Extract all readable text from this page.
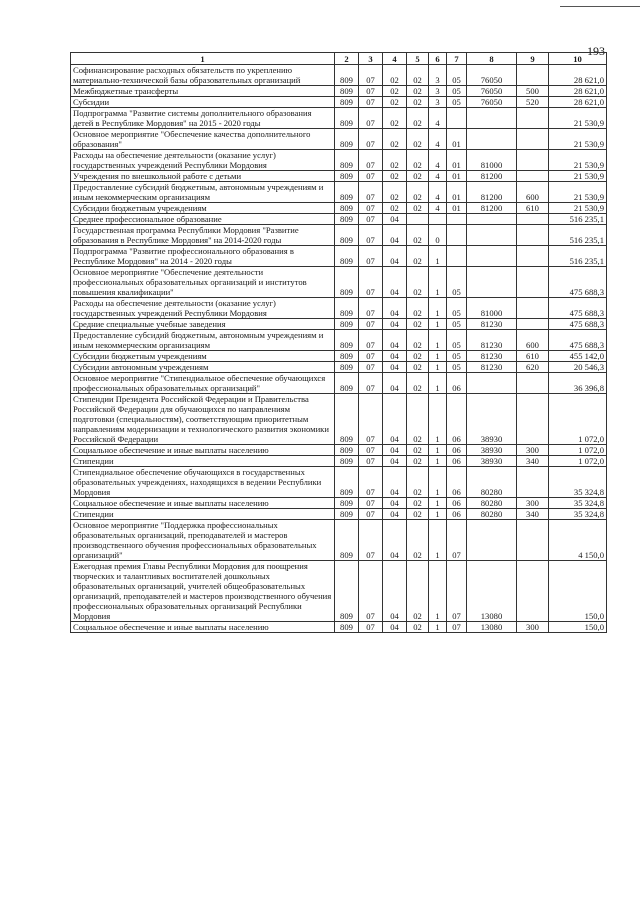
193
1	2	3	4	5	6	7	8	9	10
Софинансирование расходных обязательств по укреплению материально-технической базы образовательных организаций	809	07	02	02	3	05	76050		28 621,0
Межбюджетные трансферты	809	07	02	02	3	05	76050	500	28 621,0
Субсидии	809	07	02	02	3	05	76050	520	28 621,0
Подпрограмма "Развитие системы дополнительного образования детей в Республике Мордовия" на 2015 - 2020 годы	809	07	02	02	4				21 530,9
Основное мероприятие "Обеспечение качества дополнительного образования"	809	07	02	02	4	01			21 530,9
Расходы на обеспечение деятельности (оказание услуг) государственных учреждений Республики Мордовия	809	07	02	02	4	01	81000		21 530,9
Учреждения по внешкольной работе с детьми	809	07	02	02	4	01	81200		21 530,9
Предоставление субсидий бюджетным, автономным учреждениям и иным некоммерческим организациям	809	07	02	02	4	01	81200	600	21 530,9
Субсидии бюджетным учреждениям	809	07	02	02	4	01	81200	610	21 530,9
Среднее профессиональное образование	809	07	04						516 235,1
Государственная программа Республики Мордовия "Развитие образования в Республике Мордовия" на 2014-2020 годы	809	07	04	02	0				516 235,1
Подпрограмма "Развитие профессионального образования в Республике Мордовия" на 2014 - 2020 годы	809	07	04	02	1				516 235,1
Основное мероприятие "Обеспечение деятельности профессиональных образовательных организаций и институтов повышения квалификации"	809	07	04	02	1	05			475 688,3
Расходы на обеспечение деятельности (оказание услуг) государственных учреждений Республики Мордовия	809	07	04	02	1	05	81000		475 688,3
Средние специальные учебные заведения	809	07	04	02	1	05	81230		475 688,3
Предоставление субсидий бюджетным, автономным учреждениям и иным некоммерческим организациям	809	07	04	02	1	05	81230	600	475 688,3
Субсидии бюджетным учреждениям	809	07	04	02	1	05	81230	610	455 142,0
Субсидии автономным учреждениям	809	07	04	02	1	05	81230	620	20 546,3
Основное мероприятие "Стипендиальное обеспечение обучающихся профессиональных образовательных организаций"	809	07	04	02	1	06			36 396,8
Стипендии Президента Российской Федерации и Правительства Российской Федерации для обучающихся по направлениям подготовки (специальностям), соответствующим приоритетным направлениям модернизации и технологического развития экономики Российской Федерации	809	07	04	02	1	06	38930		1 072,0
Социальное обеспечение и иные выплаты населению	809	07	04	02	1	06	38930	300	1 072,0
Стипендии	809	07	04	02	1	06	38930	340	1 072,0
Стипендиальное обеспечение обучающихся в государственных образовательных учреждениях, находящихся в ведении Республики Мордовия	809	07	04	02	1	06	80280		35 324,8
Социальное обеспечение и иные выплаты населению	809	07	04	02	1	06	80280	300	35 324,8
Стипендии	809	07	04	02	1	06	80280	340	35 324,8
Основное мероприятие "Поддержка профессиональных образовательных организаций, преподавателей и мастеров производственного обучения профессиональных образовательных организаций"	809	07	04	02	1	07			4 150,0
Ежегодная премия Главы Республики Мордовия для поощрения творческих и талантливых воспитателей дошкольных образовательных организаций, учителей общеобразовательных организаций, преподавателей и мастеров производственного обучения профессиональных образовательных организаций Республики Мордовия	809	07	04	02	1	07	13080		150,0
Социальное обеспечение и иные выплаты населению	809	07	04	02	1	07	13080	300	150,0
